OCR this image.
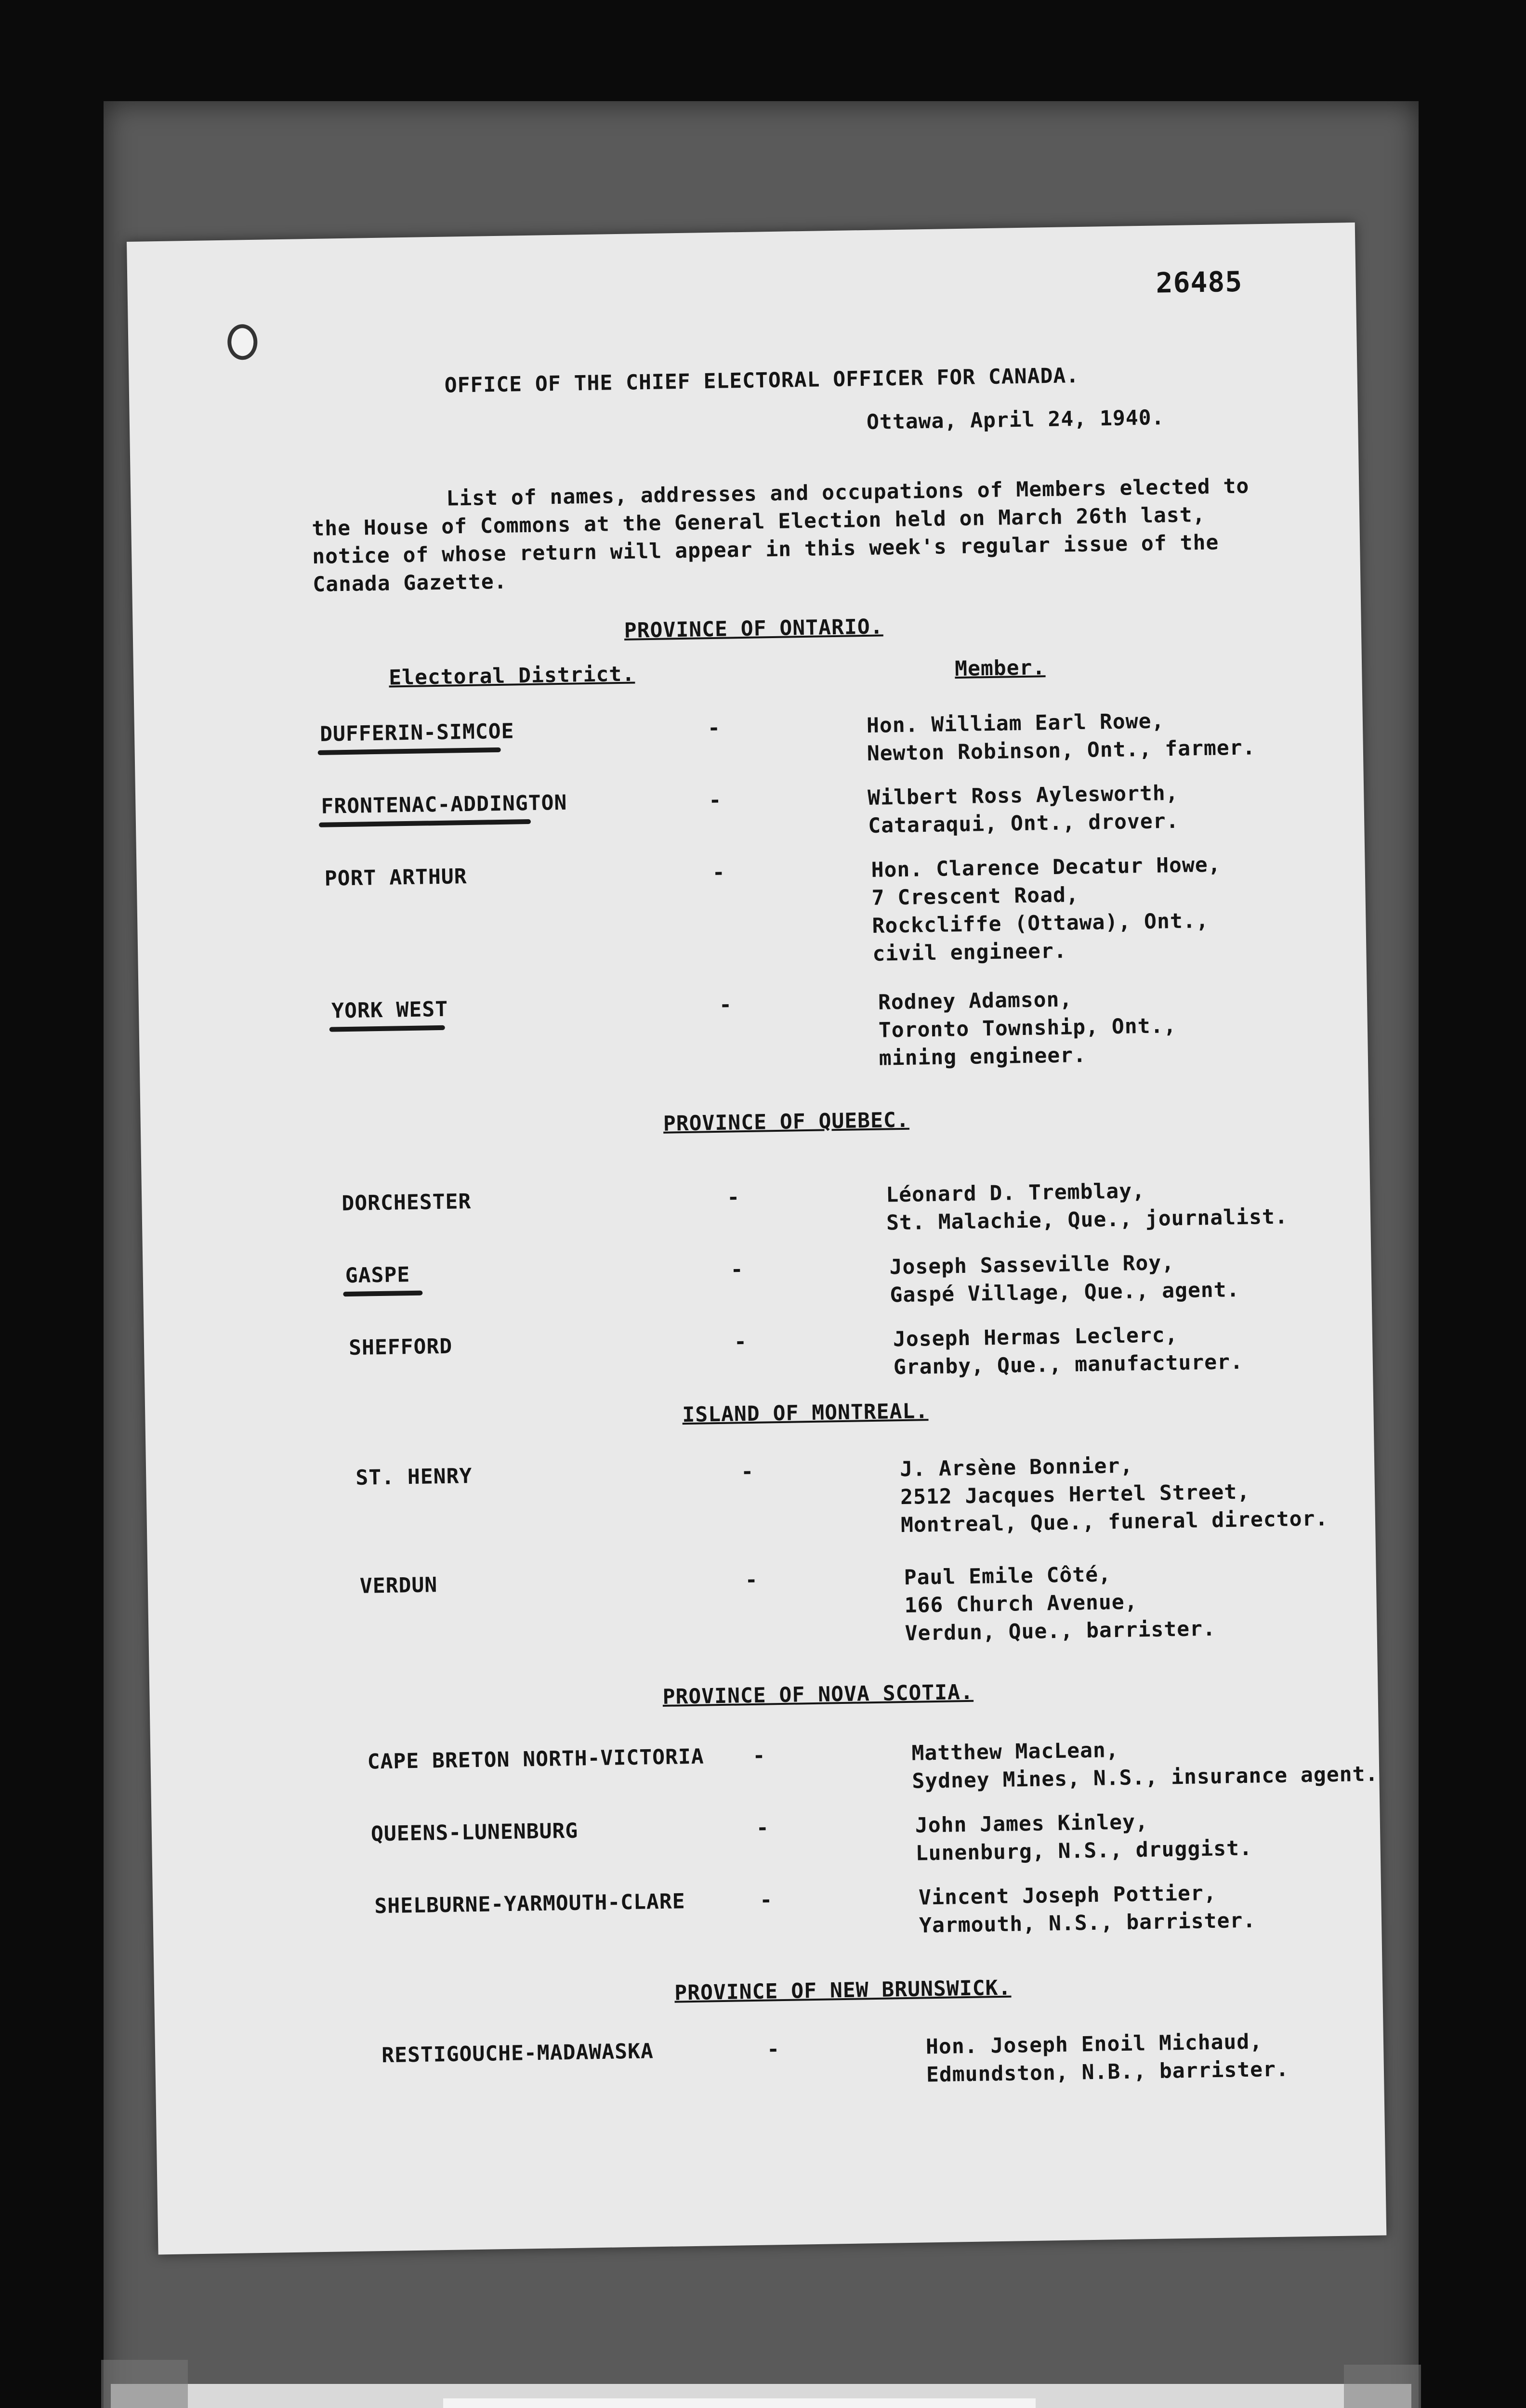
26485
OFFICE OF THE CHIEF ELECTORAL OFFICER FOR CANADA.
Ottawa, April 24, 1940.
List of names, addresses and occupations of Members elected to
the House of Commons at the General Election held on March 26th last,
notice of whose return will appear in this week's regular issue of the
Canada Gazette.
PROVINCE OF ONTARIO.
Electoral District.	Member.
DUFFERIN-SIMCOE	-	Hon. William Earl Rowe,
Newton Robinson, Ont., farmer.
FRONTENAC-ADDINGTON	-	Wilbert Ross Aylesworth,
Cataraqui, Ont., drover.
PORT ARTHUR	-	Hon. Clarence Decatur Howe,
7 Crescent Road,
Rockcliffe (Ottawa), Ont.,
civil engineer.
YORK WEST	-	Rodney Adamson,
Toronto Township, Ont.,
mining engineer.
PROVINCE OF QUEBEC.
DORCHESTER	-	Léonard D. Tremblay,
St. Malachie, Que., journalist.
GASPE	-	Joseph Sasseville Roy,
Gaspé Village, Que., agent.
SHEFFORD	-	Joseph Hermas Leclerc,
Granby, Que., manufacturer.
ISLAND OF MONTREAL.
ST. HENRY	-	J. Arsène Bonnier,
2512 Jacques Hertel Street,
Montreal, Que., funeral director.
VERDUN	-	Paul Emile Côté,
166 Church Avenue,
Verdun, Que., barrister.
PROVINCE OF NOVA SCOTIA.
CAPE BRETON NORTH-VICTORIA -	Matthew MacLean,
Sydney Mines, N.S., insurance agent.
QUEENS-LUNENBURG	-	John James Kinley,
Lunenburg, N.S., druggist.
SHELBURNE-YARMOUTH-CLARE	-	Vincent Joseph Pottier,
Yarmouth, N.S., barrister.
PROVINCE OF NEW BRUNSWICK.
RESTIGOUCHE-MADAWASKA	-	Hon. Joseph Enoil Michaud,
Edmundston, N.B., barrister.
